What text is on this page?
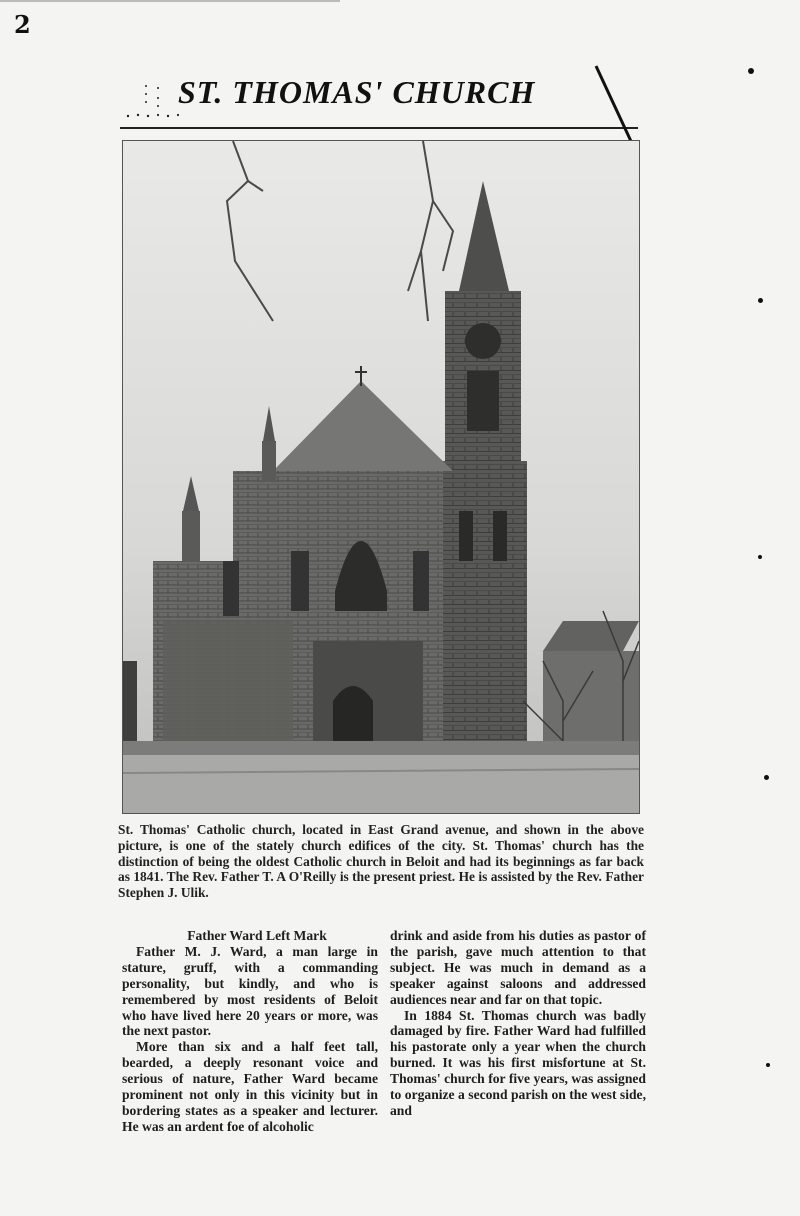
2
ST. THOMAS' CHURCH
St. Thomas' Catholic church, located in East Grand avenue, and shown in the above picture, is one of the stately church edifices of the city. St. Thomas' church has the distinction of being the oldest Catholic church in Beloit and had its beginnings as far back as 1841. The Rev. Father T. A O'Reilly is the present priest. He is assisted by the Rev. Father Stephen J. Ulik.

Father Ward Left Mark

Father M. J. Ward, a man large in stature, gruff, with a commanding personality, but kindly, and who is remembered by most residents of Beloit who have lived here 20 years or more, was the next pastor.

More than six and a half feet tall, bearded, a deeply resonant voice and serious of nature, Father Ward became prominent not only in this vicinity but in bordering states as a speaker and lecturer. He was an ardent foe of alcoholic

drink and aside from his duties as pastor of the parish, gave much attention to that subject. He was much in demand as a speaker against saloons and addressed audiences near and far on that topic.

In 1884 St. Thomas church was badly damaged by fire. Father Ward had fulfilled his pastorate only a year when the church burned. It was his first misfortune at St. Thomas' church for five years, was assigned to organize a second parish on the west side, and
